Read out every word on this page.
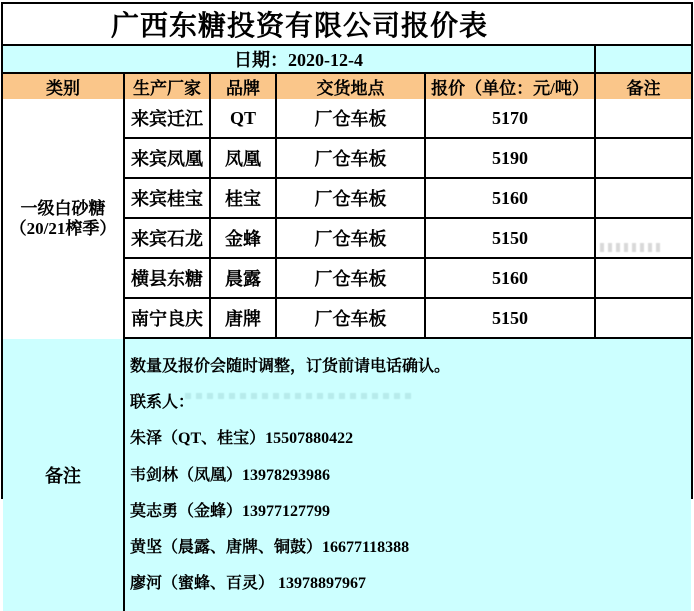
广西东糖投资有限公司报价表
日期：2020-12-4
类别	生产厂家	品牌	交货地点	报价（单位：元/吨）	备注
一级白砂糖
（20/21榨季）
来宾迁江	QT	厂仓车板	5170
来宾凤凰	凤凰	厂仓车板	5190
来宾桂宝	桂宝	厂仓车板	5160
来宾石龙	金蜂	厂仓车板	5150
横县东糖	晨露	厂仓车板	5160
南宁良庆	唐牌	厂仓车板	5150
备注

数量及报价会随时调整，订货前请电话确认。

联系人：

朱泽（QT、桂宝）15507880422

韦剑林（凤凰）13978293986

莫志勇（金蜂）13977127799

黄坚（晨露、唐牌、铜鼓）16677118388

廖河（蜜蜂、百灵） 13978897967
